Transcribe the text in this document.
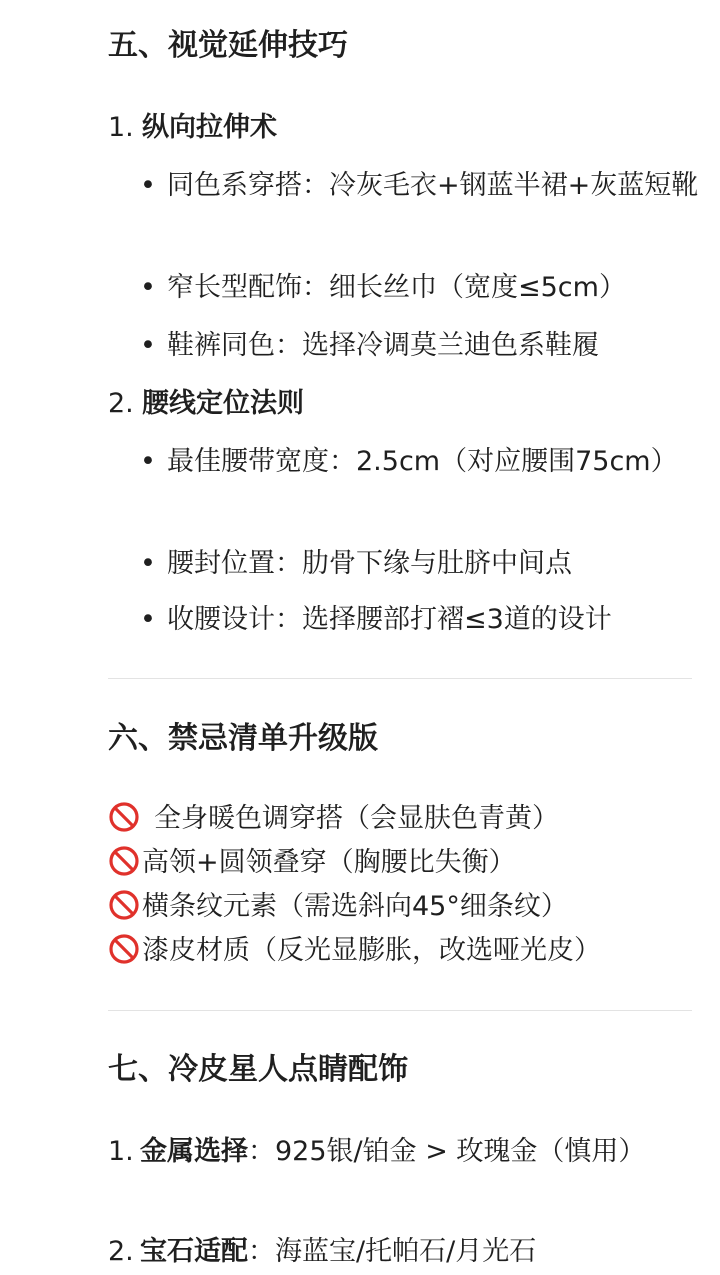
五、视觉延伸技巧
1. 纵向拉伸术
• 同色系穿搭：冷灰毛衣+钢蓝半裙+灰蓝短靴
• 窄长型配饰：细长丝巾（宽度≤5cm）
• 鞋裤同色：选择冷调莫兰迪色系鞋履
2. 腰线定位法则
• 最佳腰带宽度：2.5cm（对应腰围75cm）
• 腰封位置：肋骨下缘与肚脐中间点
• 收腰设计：选择腰部打褶≤3道的设计
六、禁忌清单升级版
全身暖色调穿搭（会显肤色青黄）
高领+圆领叠穿（胸腰比失衡）
横条纹元素（需选斜向45°细条纹）
漆皮材质（反光显膨胀，改选哑光皮）
七、冷皮星人点睛配饰
1. 金属选择：925银/铂金 > 玫瑰金（慎用）
2. 宝石适配：海蓝宝/托帕石/月光石
